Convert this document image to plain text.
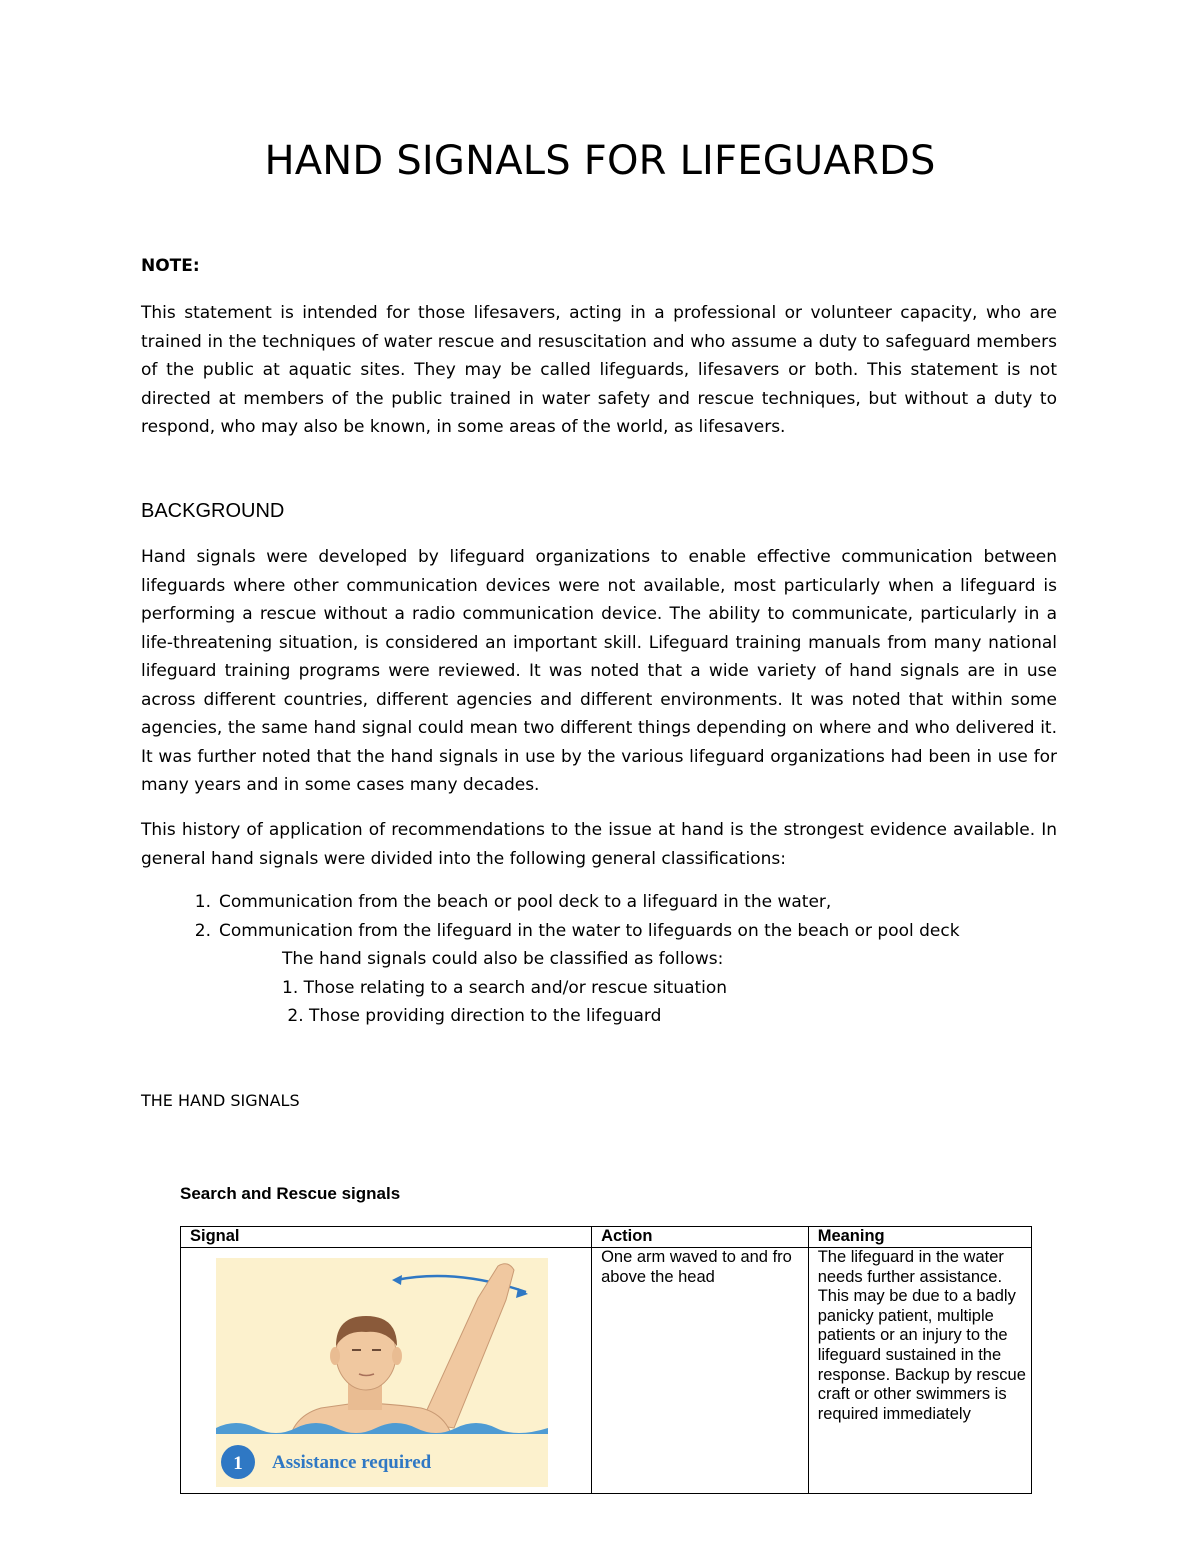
HAND SIGNALS FOR LIFEGUARDS
NOTE:
This statement is intended for those lifesavers, acting in a professional or volunteer capacity, who are trained in the techniques of water rescue and resuscitation and who assume a duty to safeguard members of the public at aquatic sites. They may be called lifeguards, lifesavers or both. This statement is not directed at members of the public trained in water safety and rescue techniques, but without a duty to respond, who may also be known, in some areas of the world, as lifesavers.
BACKGROUND
Hand signals were developed by lifeguard organizations to enable effective communication between lifeguards where other communication devices were not available, most particularly when a lifeguard is performing a rescue without a radio communication device. The ability to communicate, particularly in a life-threatening situation, is considered an important skill. Lifeguard training manuals from many national lifeguard training programs were reviewed. It was noted that a wide variety of hand signals are in use across different countries, different agencies and different environments. It was noted that within some agencies, the same hand signal could mean two different things depending on where and who delivered it. It was further noted that the hand signals in use by the various lifeguard organizations had been in use for many years and in some cases many decades.
This history of application of recommendations to the issue at hand is the strongest evidence available. In general hand signals were divided into the following general classifications:
1. Communication from the beach or pool deck to a lifeguard in the water,
2. Communication from the lifeguard in the water to lifeguards on the beach or pool deck
The hand signals could also be classified as follows:
1. Those relating to a search and/or rescue situation
2. Those providing direction to the lifeguard
THE HAND SIGNALS
Search and Rescue signals
Signal	Action	Meaning

1 Assistance required	One arm waved to and fro above the head	The lifeguard in the water needs further assistance. This may be due to a badly panicky patient, multiple patients or an injury to the lifeguard sustained in the response. Backup by rescue craft or other swimmers is required immediately
